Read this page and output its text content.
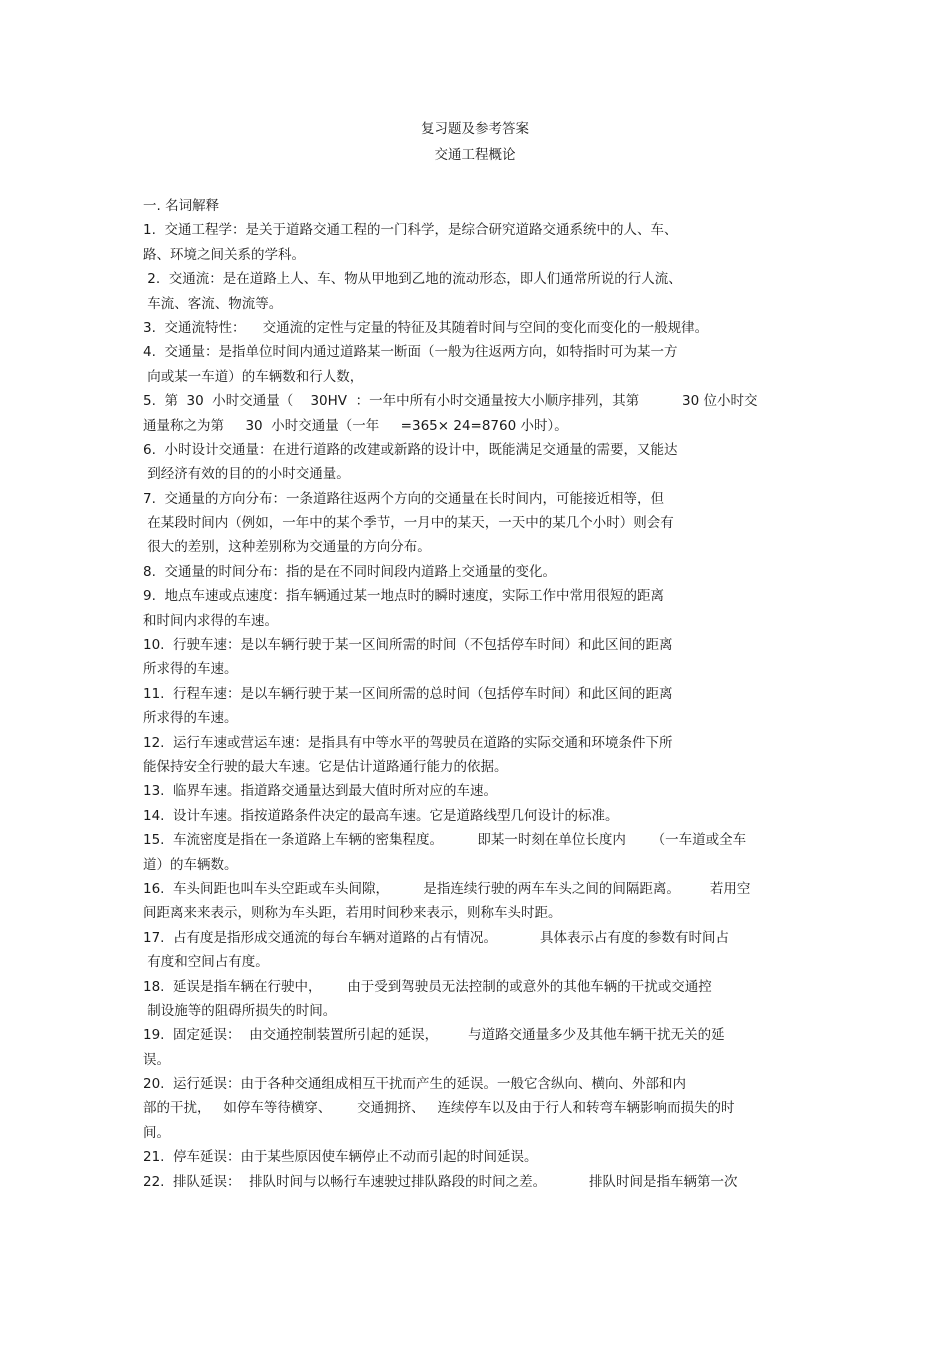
复习题及参考答案
交通工程概论
一. 名词解释
1.  交通工程学：是关于道路交通工程的一门科学，是综合研究道路交通系统中的人、车、
路、环境之间关系的学科。
2.  交通流：是在道路上人、车、物从甲地到乙地的流动形态，即人们通常所说的行人流、
车流、客流、物流等。
3.  交通流特性：    交通流的定性与定量的特征及其随着时间与空间的变化而变化的一般规律。
4.  交通量：是指单位时间内通过道路某一断面（一般为往返两方向，如特指时可为某一方
向或某一车道）的车辆数和行人数，
5.  第  30  小时交通量（    30HV  ：一年中所有小时交通量按大小顺序排列，其第          30 位小时交
通量称之为第     30  小时交通量（一年     =365× 24=8760 小时）。
6.  小时设计交通量：在进行道路的改建或新路的设计中，既能满足交通量的需要，又能达
到经济有效的目的的小时交通量。
7.  交通量的方向分布：一条道路往返两个方向的交通量在长时间内，可能接近相等，但
在某段时间内（例如，一年中的某个季节，一月中的某天，一天中的某几个小时）则会有
很大的差别，这种差别称为交通量的方向分布。
8.  交通量的时间分布：指的是在不同时间段内道路上交通量的变化。
9.  地点车速或点速度：指车辆通过某一地点时的瞬时速度，实际工作中常用很短的距离
和时间内求得的车速。
10.  行驶车速：是以车辆行驶于某一区间所需的时间（不包括停车时间）和此区间的距离
所求得的车速。
11.  行程车速：是以车辆行驶于某一区间所需的总时间（包括停车时间）和此区间的距离
所求得的车速。
12.  运行车速或营运车速：是指具有中等水平的驾驶员在道路的实际交通和环境条件下所
能保持安全行驶的最大车速。它是估计道路通行能力的依据。
13.  临界车速。指道路交通量达到最大值时所对应的车速。
14.  设计车速。指按道路条件决定的最高车速。它是道路线型几何设计的标准。
15.  车流密度是指在一条道路上车辆的密集程度。        即某一时刻在单位长度内      （一车道或全车
道）的车辆数。
16.  车头间距也叫车头空距或车头间隙，        是指连续行驶的两车车头之间的间隔距离。       若用空
间距离来来表示，则称为车头距，若用时间秒来表示，则称车头时距。
17.  占有度是指形成交通流的每台车辆对道路的占有情况。          具体表示占有度的参数有时间占
有度和空间占有度。
18.  延误是指车辆在行驶中，      由于受到驾驶员无法控制的或意外的其他车辆的干扰或交通控
制设施等的阻碍所损失的时间。
19.  固定延误：  由交通控制装置所引起的延误，       与道路交通量多少及其他车辆干扰无关的延
误。
20.  运行延误：由于各种交通组成相互干扰而产生的延误。一般它含纵向、横向、外部和内
部的干扰，   如停车等待横穿、      交通拥挤、   连续停车以及由于行人和转弯车辆影响而损失的时
间。
21.  停车延误：由于某些原因使车辆停止不动而引起的时间延误。
22.  排队延误：  排队时间与以畅行车速驶过排队路段的时间之差。          排队时间是指车辆第一次
